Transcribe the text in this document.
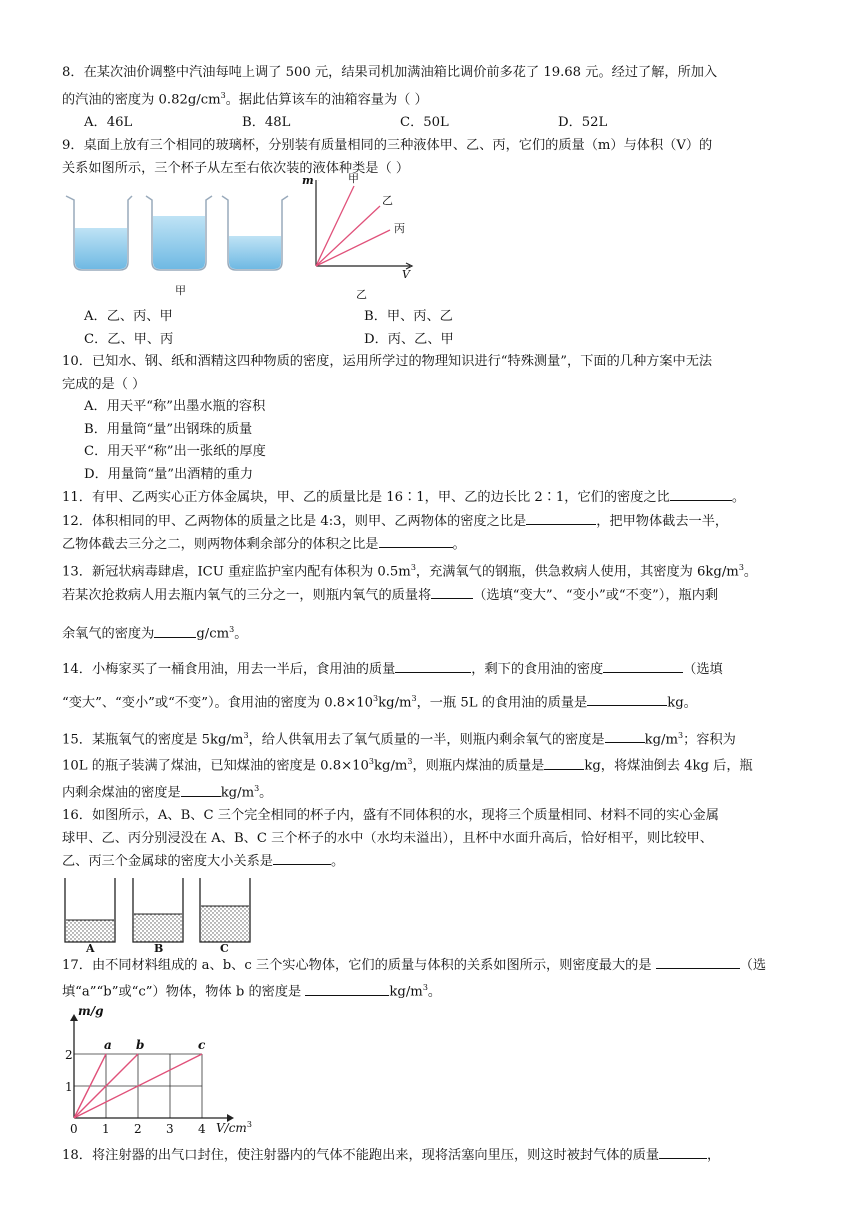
8．在某次油价调整中汽油每吨上调了 500 元，结果司机加满油箱比调价前多花了 19.68 元。经过了解，所加入
的汽油的密度为 $0.82g/cm^3$。据此估算该车的油箱容量为（ ）

A．46L	B．48L	C．50L	D．52L

9．桌面上放有三个相同的玻璃杯，分别装有质量相同的三种液体甲、乙、丙，它们的质量（m）与体积（V）的
关系如图所示，三个杯子从左至右依次装的液体种类是（ ）

m
V
甲
乙
丙
甲	乙
A．乙、丙、甲	B．甲、丙、乙
C．乙、甲、丙	D．丙、乙、甲

10．已知水、钢、纸和酒精这四种物质的密度，运用所学过的物理知识进行“特殊测量”，下面的几种方案中无法
完成的是（ ）

A．用天平“称”出墨水瓶的容积
B．用量筒“量”出钢珠的质量
C．用天平“称”出一张纸的厚度
D．用量筒“量”出酒精的重力

11．有甲、乙两实心正方体金属块，甲、乙的质量比是 16∶1，甲、乙的边长比 2∶1，它们的密度之比	。

12．体积相同的甲、乙两物体的质量之比是 4:3，则甲、乙两物体的密度之比是	，把甲物体截去一半，
乙物体截去三分之二，则两物体剩余部分的体积之比是	。

13．新冠状病毒肆虐，ICU 重症监护室内配有体积为 $0.5m^3$，充满氧气的钢瓶，供急救病人使用，其密度为 $6kg/m^3$。
若某次抢救病人用去瓶内氧气的三分之一，则瓶内氧气的质量将	（选填“变大”、“变小”或“不变”），瓶内剩

余氧气的密度为	$g/cm^3$。

14．小梅家买了一桶食用油，用去一半后，食用油的质量	，剩下的食用油的密度	（选填

“变大”、“变小”或“不变”）。食用油的密度为 $0.8\times 10^3kg/m^3$，一瓶 5L 的食用油的质量是	kg。

15．某瓶氧气的密度是 $5kg/m^3$，给人供氧用去了氧气质量的一半，则瓶内剩余氧气的密度是	$kg/m^3$；容积为
10L 的瓶子装满了煤油，已知煤油的密度是 $0.8\times 10^3kg/m^3$，则瓶内煤油的质量是	kg，将煤油倒去 4kg 后，瓶
内剩余煤油的密度是	$kg/m^3$。

16．如图所示，A、B、C 三个完全相同的杯子内，盛有不同体积的水，现将三个质量相同、材料不同的实心金属
球甲、乙、丙分别浸没在 A、B、C 三个杯子的水中（水均未溢出），且杯中水面升高后，恰好相平，则比较甲、
乙、丙三个金属球的密度大小关系是	。

A	B	C

17．由不同材料组成的 a、b、c 三个实心物体，它们的质量与体积的关系如图所示，则密度最大的是	（选
填“a”“b”或“c”）物体，物体 b 的密度是	$kg/m^3$。

m/g
2
1
0 1 2 3 4 $V/cm^3$
a b	c

18．将注射器的出气口封住，使注射器内的气体不能跑出来，现将活塞向里压，则这时被封气体的质量	，
